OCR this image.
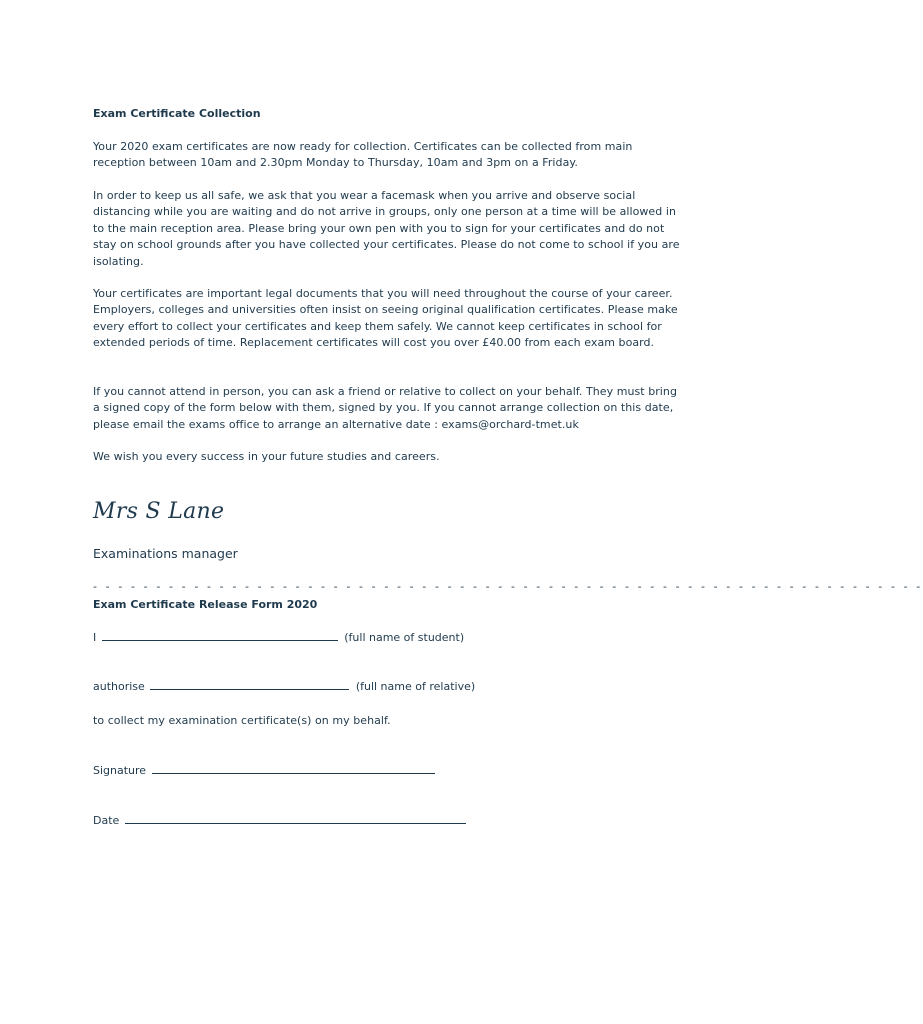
Exam Certificate Collection

Your 2020 exam certificates are now ready for collection. Certificates can be collected from main reception between 10am and 2.30pm Monday to Thursday, 10am and 3pm on a Friday.

In order to keep us all safe, we ask that you wear a facemask when you arrive and observe social distancing while you are waiting and do not arrive in groups, only one person at a time will be allowed in to the main reception area. Please bring your own pen with you to sign for your certificates and do not stay on school grounds after you have collected your certificates. Please do not come to school if you are isolating.

Your certificates are important legal documents that you will need throughout the course of your career. Employers, colleges and universities often insist on seeing original qualification certificates. Please make every effort to collect your certificates and keep them safely. We cannot keep certificates in school for extended periods of time. Replacement certificates will cost you over £40.00 from each exam board.

If you cannot attend in person, you can ask a friend or relative to collect on your behalf. They must bring a signed copy of the form below with them, signed by you. If you cannot arrange collection on this date, please email the exams office to arrange an alternative date : exams@orchard-tmet.uk

We wish you every success in your future studies and careers.

Mrs S Lane

Examinations manager

- - - - - - - - - - - - - - - - - - - - - - - - - - - - - - - - - - - - - - - - - - - - - - - - - - - - - - - - - - - - - - - - - -

Exam Certificate Release Form 2020

I	(full name of student)

authorise	(full name of relative)

to collect my examination certificate(s) on my behalf.

Signature

Date
